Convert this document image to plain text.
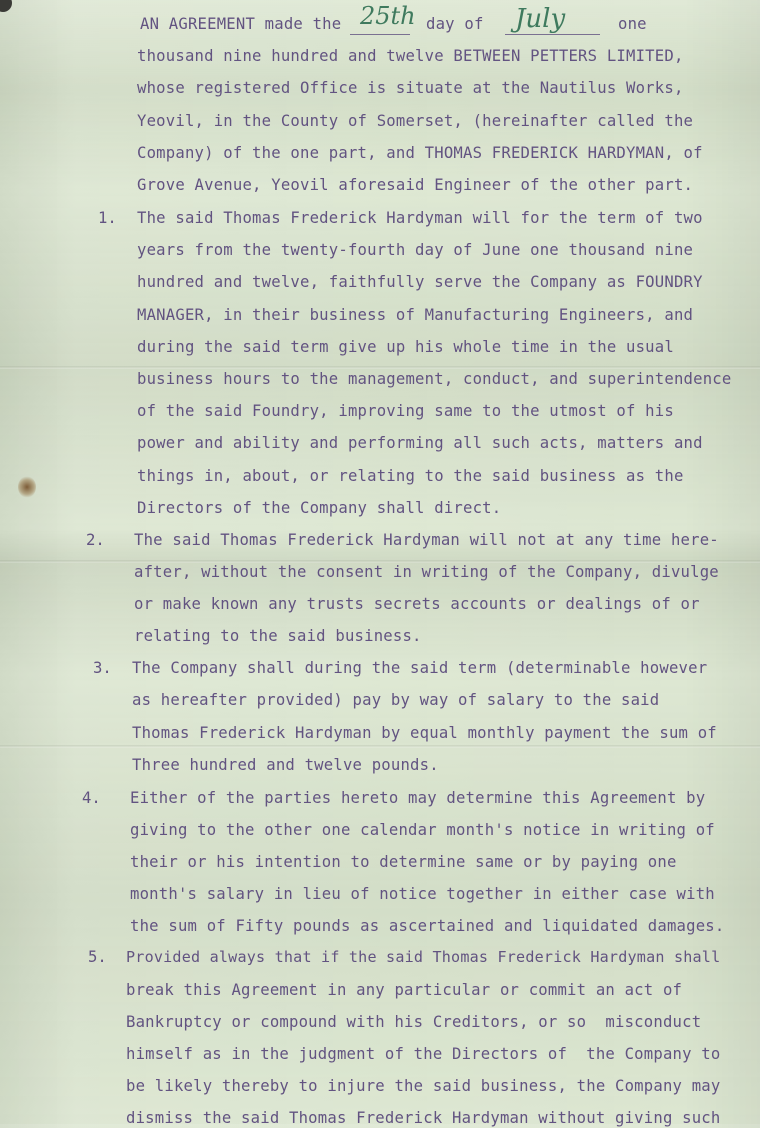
AN AGREEMENT made the 25th day of July	one
thousand nine hundred and twelve BETWEEN PETTERS LIMITED,
whose registered Office is situate at the Nautilus Works,
Yeovil, in the County of Somerset, (hereinafter called the
Company) of the one part, and THOMAS FREDERICK HARDYMAN, of
Grove Avenue, Yeovil aforesaid Engineer of the other part.
1. The said Thomas Frederick Hardyman will for the term of two
years from the twenty-fourth day of June one thousand nine
hundred and twelve, faithfully serve the Company as FOUNDRY
MANAGER, in their business of Manufacturing Engineers, and
during the said term give up his whole time in the usual
business hours to the management, conduct, and superintendence
of the said Foundry, improving same to the utmost of his
power and ability and performing all such acts, matters and
things in, about, or relating to the said business as the
Directors of the Company shall direct.
2. The said Thomas Frederick Hardyman will not at any time here-
after, without the consent in writing of the Company, divulge
or make known any trusts secrets accounts or dealings of or
relating to the said business.
3. The Company shall during the said term (determinable however
as hereafter provided) pay by way of salary to the said
Thomas Frederick Hardyman by equal monthly payment the sum of
Three hundred and twelve pounds.
4. Either of the parties hereto may determine this Agreement by
giving to the other one calendar month's notice in writing of
their or his intention to determine same or by paying one
month's salary in lieu of notice together in either case with
the sum of Fifty pounds as ascertained and liquidated damages.
5. Provided always that if the said Thomas Frederick Hardyman shall
break this Agreement in any particular or commit an act of
Bankruptcy or compound with his Creditors, or so  misconduct
himself as in the judgment of the Directors of  the Company to
be likely thereby to injure the said business, the Company may
dismiss the said Thomas Frederick Hardyman without giving such
